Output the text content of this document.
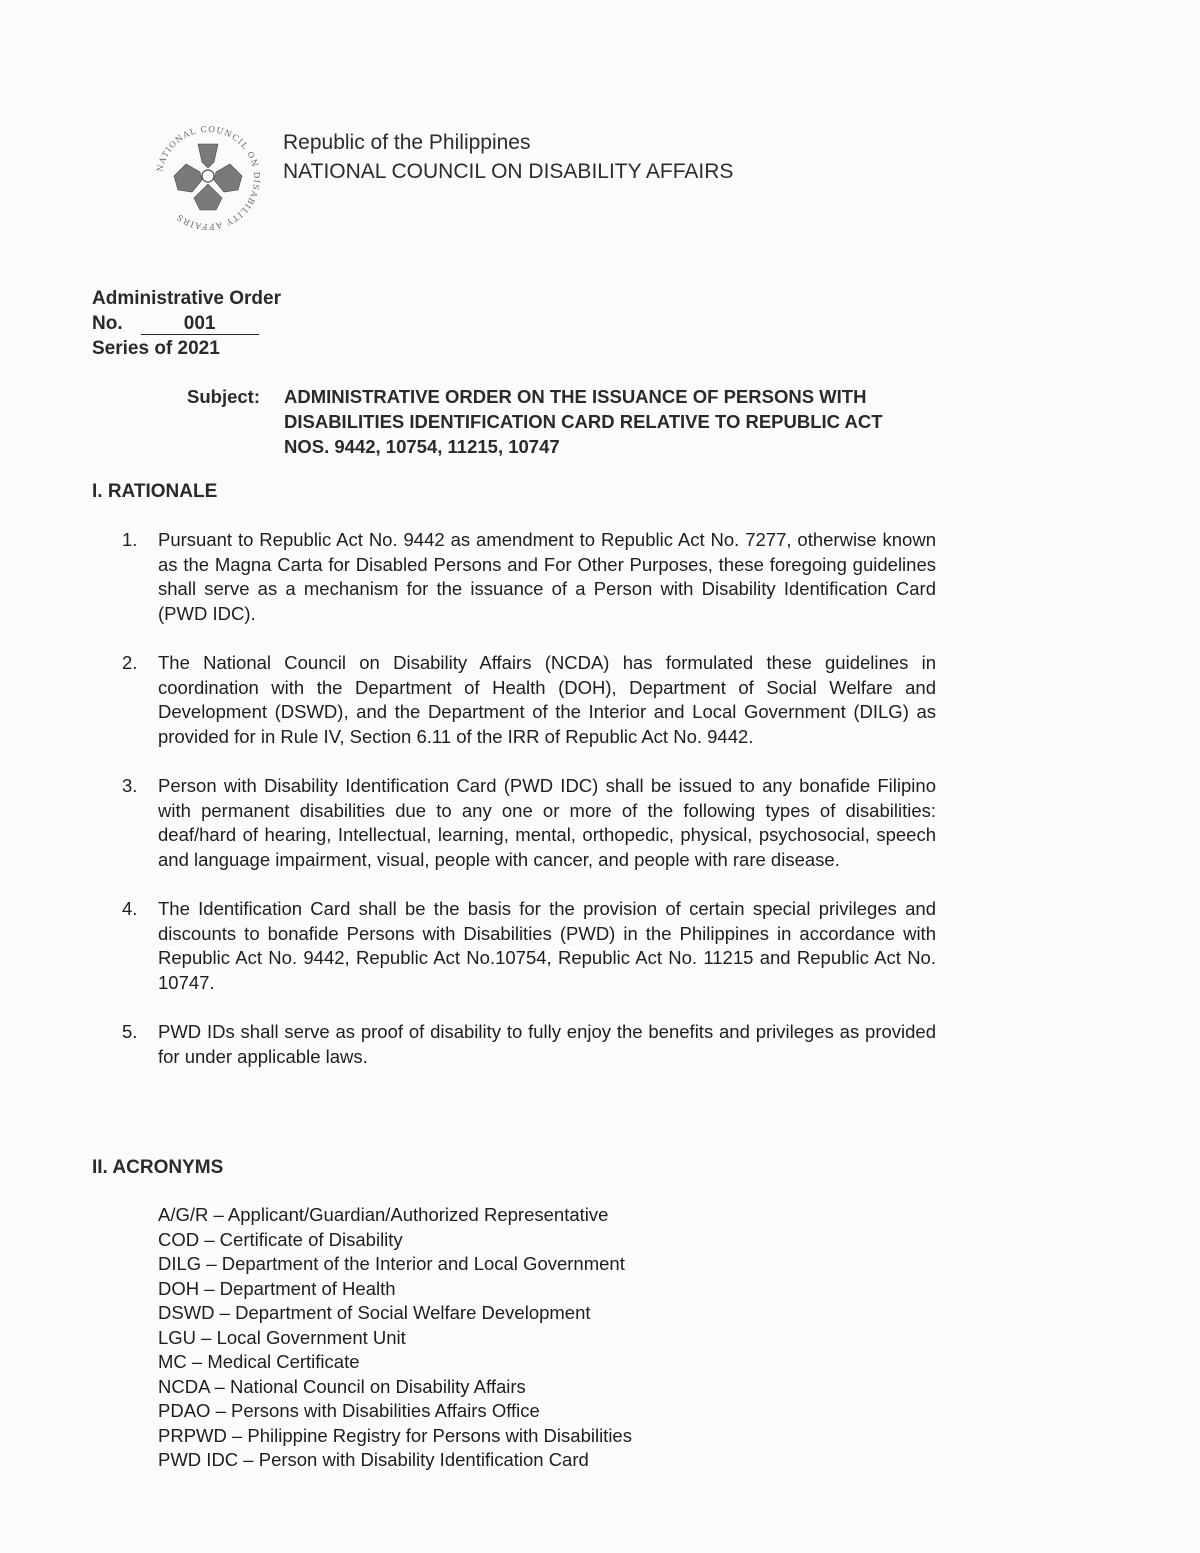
NATIONAL COUNCIL ON DISABILITY AFFAIRS
Republic of the Philippines
NATIONAL COUNCIL ON DISABILITY AFFAIRS
Administrative Order
No.	001
Series of 2021
Subject:	ADMINISTRATIVE ORDER ON THE ISSUANCE OF PERSONS WITH DISABILITIES IDENTIFICATION CARD RELATIVE TO REPUBLIC ACT NOS. 9442, 10754, 11215, 10747
I. RATIONALE
1.	Pursuant to Republic Act No. 9442 as amendment to Republic Act No. 7277, otherwise known as the Magna Carta for Disabled Persons and For Other Purposes, these foregoing guidelines shall serve as a mechanism for the issuance of a Person with Disability Identification Card (PWD IDC).
2.	The National Council on Disability Affairs (NCDA) has formulated these guidelines in coordination with the Department of Health (DOH), Department of Social Welfare and Development (DSWD), and the Department of the Interior and Local Government (DILG) as provided for in Rule IV, Section 6.11 of the IRR of Republic Act No. 9442.
3.	Person with Disability Identification Card (PWD IDC) shall be issued to any bonafide Filipino with permanent disabilities due to any one or more of the following types of disabilities: deaf/hard of hearing, Intellectual, learning, mental, orthopedic, physical, psychosocial, speech and language impairment, visual, people with cancer, and people with rare disease.
4.	The Identification Card shall be the basis for the provision of certain special privileges and discounts to bonafide Persons with Disabilities (PWD) in the Philippines in accordance with Republic Act No. 9442, Republic Act No.10754, Republic Act No. 11215 and Republic Act No. 10747.
5.	PWD IDs shall serve as proof of disability to fully enjoy the benefits and privileges as provided for under applicable laws.
II. ACRONYMS
A/G/R – Applicant/Guardian/Authorized Representative
COD – Certificate of Disability
DILG – Department of the Interior and Local Government
DOH – Department of Health
DSWD – Department of Social Welfare Development
LGU – Local Government Unit
MC – Medical Certificate
NCDA – National Council on Disability Affairs
PDAO – Persons with Disabilities Affairs Office
PRPWD – Philippine Registry for Persons with Disabilities
PWD IDC – Person with Disability Identification Card
